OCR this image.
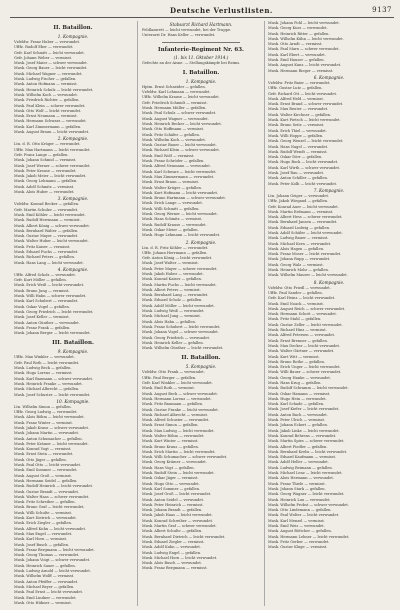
Deutsche Verlustlisten.	9137
II. Bataillon.
1. Kompagnie.
Vzfeldw. Franz Huber — verwundet.
Ufffz. Rudolf Eber — verwundet.
Gefr. Karl Schmitt — leicht verwundet.
Gefr. Johann Weber — vermisst.
Musk. Josef Maier — schwer verwundet.
Musk. Georg Bauer — leicht verwundet.
Musk. Michael Wagner — verwundet.
Musk. Ludwig Fischer — gefallen.
Musk. Anton Hofmann — vermisst.
Musk. Heinrich Schulz — leicht verwundet.
Musk. Wilhelm Koch — verwundet.
Musk. Friedrich Richter — gefallen.
Musk. Paul Klein — schwer verwundet.
Musk. Otto Wolf — leicht verwundet.
Musk. Ernst Neumann — vermisst.
Musk. Hermann Schwarz — verwundet.
Musk. Karl Zimmermann — gefallen.
Musk. August Braun — leicht verwundet.
2. Kompagnie.
Ltn. d. R. Otto Krüger — verwundet.
Ufffz. Max Hartmann — leicht verwundet.
Gefr. Franz Lange — gefallen.
Musk. Johann Schmid — vermisst.
Musk. Josef Werner — schwer verwundet.
Musk. Peter Krause — verwundet.
Musk. Jakob Meier — leicht verwundet.
Musk. Georg Lehmann — gefallen.
Musk. Adolf Schmitz — vermisst.
Musk. Alois Huber — verwundet.
3. Kompagnie.
Vzfeldw. Konrad Becker — gefallen.
Gefr. Martin Schulze — verwundet.
Musk. Emil Köhler — leicht verwundet.
Musk. Rudolf Herrmann — vermisst.
Musk. Albert König — schwer verwundet.
Musk. Bernhard Walter — gefallen.
Musk. Gustav Mayer — verwundet.
Musk. Walter Huber — leicht verwundet.
Musk. Fritz Kaiser — vermisst.
Musk. Eduard Fuchs — verwundet.
Musk. Richard Peters — gefallen.
Musk. Hans Lang — leicht verwundet.
4. Kompagnie.
Ufffz. Alfred Scholz — verwundet.
Gefr. Kurt Möller — gefallen.
Musk. Erich Weiß — leicht verwundet.
Musk. Bruno Jung — vermisst.
Musk. Willi Hahn — schwer verwundet.
Musk. Karl Schubert — verwundet.
Musk. Oskar Vogel — gefallen.
Musk. Georg Friedrich — leicht verwundet.
Musk. Josef Keller — vermisst.
Musk. Anton Günther — verwundet.
Musk. Franz Frank — gefallen.
Musk. Johann Berger — leicht verwundet.
III. Bataillon.
9. Kompagnie.
Ufffz. Max Winkler — verwundet.
Gefr. Paul Roth — leicht verwundet.
Musk. Ludwig Beck — gefallen.
Musk. Hugo Lorenz — vermisst.
Musk. Karl Baumann — schwer verwundet.
Musk. Heinrich Franke — verwundet.
Musk. Michael Albrecht — gefallen.
Musk. Josef Schuster — leicht verwundet.
10. Kompagnie.
Ltn. Wilhelm Simon — gefallen.
Ufffz. Georg Ludwig — verwundet.
Musk. Alois Böhm — leicht verwundet.
Musk. Franz Winter — vermisst.
Musk. Jakob Kraus — schwer verwundet.
Musk. Johann Martin — verwundet.
Musk. Anton Schumacher — gefallen.
Musk. Peter Krämer — leicht verwundet.
Musk. Konrad Vogt — vermisst.
Musk. Ernst Stein — verwundet.
Musk. Otto Jäger — gefallen.
Musk. Paul Otto — leicht verwundet.
Musk. Emil Sommer — verwundet.
Musk. August Groß — vermisst.
Musk. Hermann Seidel — gefallen.
Musk. Rudolf Heinrich — leicht verwundet.
Musk. Gustav Brandt — verwundet.
Musk. Walter Haas — schwer verwundet.
Musk. Fritz Schreiber — gefallen.
Musk. Bruno Graf — leicht verwundet.
Musk. Willi Schulte — vermisst.
Musk. Kurt Dietrich — verwundet.
Musk. Erich Ziegler — gefallen.
Musk. Alfred Kuhn — leicht verwundet.
Musk. Max Engel — verwundet.
Musk. Karl Horn — vermisst.
Musk. Josef Busch — gefallen.
Musk. Franz Bergmann — leicht verwundet.
Musk. Georg Thomas — verwundet.
Musk. Johann Voigt — schwer verwundet.
Musk. Heinrich Sauer — gefallen.
Musk. Ludwig Arnold — leicht verwundet.
Musk. Wilhelm Wolff — vermisst.
Musk. Anton Pfeiffer — verwundet.
Musk. Michael Beyer — gefallen.
Musk. Paul Ernst — leicht verwundet.
Musk. Emil Lindner — verwundet.
Musk. Otto Hübner — vermisst.
Stabsarzt Richard Hartmann.
Feldlazarett — leicht verwundet, bei der Truppe.
Unterarzt Dr. Hans Keller — verwundet.
Infanterie-Regiment Nr. 63.
(1. bis 11. Oktober 1914.)
Gefechte an der Aisne. — Stellungskämpfe bei Reims.
I. Bataillon.
1. Kompagnie.
Hptm. Ernst Schneider — gefallen.
Vzfeldw. Karl Lehmann — verwundet.
Ufffz. Wilhelm Krause — leicht verwundet.
Gefr. Friedrich Schmidt — vermisst.
Musk. Hermann Müller — gefallen.
Musk. Paul Schulz — schwer verwundet.
Musk. August Wagner — verwundet.
Musk. Heinrich Becker — leicht verwundet.
Musk. Otto Hoffmann — vermisst.
Musk. Fritz Schäfer — gefallen.
Musk. Wilhelm Koch — verwundet.
Musk. Gustav Bauer — leicht verwundet.
Musk. Richard Klein — schwer verwundet.
Musk. Emil Wolf — vermisst.
Musk. Franz Schröder — gefallen.
Musk. Alfred Neumann — verwundet.
Musk. Karl Schwarz — leicht verwundet.
Musk. Max Zimmermann — verwundet.
Musk. Ernst Braun — vermisst.
Musk. Walter Krüger — gefallen.
Musk. Kurt Hofmann — leicht verwundet.
Musk. Bruno Hartmann — schwer verwundet.
Musk. Erich Lange — verwundet.
Musk. Willi Schmitt — gefallen.
Musk. Georg Werner — leicht verwundet.
Musk. Hans Schmitz — vermisst.
Musk. Rudolf Krause — verwundet.
Musk. Oskar Meier — gefallen.
Musk. Hugo Lehmann — leicht verwundet.
2. Kompagnie.
Ltn. d. R. Fritz Köhler — verwundet.
Ufffz. Johann Herrmann — gefallen.
Gefr. Anton König — leicht verwundet.
Musk. Josef Walter — vermisst.
Musk. Peter Mayer — schwer verwundet.
Musk. Jakob Huber — verwundet.
Musk. Konrad Kaiser — gefallen.
Musk. Martin Fuchs — leicht verwundet.
Musk. Albert Peters — vermisst.
Musk. Bernhard Lang — verwundet.
Musk. Eduard Scholz — gefallen.
Musk. Adolf Möller — leicht verwundet.
Musk. Ludwig Weiß — verwundet.
Musk. Michael Jung — vermisst.
Musk. Alois Hahn — gefallen.
Musk. Franz Schubert — leicht verwundet.
Musk. Johann Vogel — schwer verwundet.
Musk. Georg Friedrich — verwundet.
Musk. Heinrich Keller — gefallen.
Musk. Wilhelm Günther — leicht verwundet.
II. Bataillon.
5. Kompagnie.
Vzfeldw. Otto Frank — verwundet.
Ufffz. Paul Berger — gefallen.
Gefr. Karl Winkler — leicht verwundet.
Musk. Emil Roth — vermisst.
Musk. August Beck — schwer verwundet.
Musk. Hermann Lorenz — verwundet.
Musk. Fritz Baumann — gefallen.
Musk. Gustav Franke — leicht verwundet.
Musk. Richard Albrecht — vermisst.
Musk. Alfred Schuster — verwundet.
Musk. Ernst Simon — gefallen.
Musk. Max Ludwig — leicht verwundet.
Musk. Walter Böhm — verwundet.
Musk. Kurt Winter — vermisst.
Musk. Bruno Kraus — gefallen.
Musk. Erich Martin — leicht verwundet.
Musk. Willi Schumacher — schwer verwundet.
Musk. Georg Krämer — verwundet.
Musk. Hans Vogt — gefallen.
Musk. Rudolf Stein — leicht verwundet.
Musk. Oskar Jäger — vermisst.
Musk. Hugo Otto — verwundet.
Musk. Karl Sommer — gefallen.
Musk. Josef Groß — leicht verwundet.
Musk. Anton Seidel — verwundet.
Musk. Peter Heinrich — vermisst.
Musk. Johann Brandt — gefallen.
Musk. Jakob Haas — leicht verwundet.
Musk. Konrad Schreiber — verwundet.
Musk. Martin Graf — schwer verwundet.
Musk. Albert Schulte — gefallen.
Musk. Bernhard Dietrich — leicht verwundet.
Musk. Eduard Ziegler — vermisst.
Musk. Adolf Kuhn — verwundet.
Musk. Ludwig Engel — gefallen.
Musk. Michael Horn — leicht verwundet.
Musk. Alois Busch — verwundet.
Musk. Franz Bergmann — vermisst.
Musk. Johann Pohl — leicht verwundet.
Musk. Georg Kurz — verwundet.
Musk. Heinrich Ritter — gefallen.
Musk. Wilhelm Kühn — leicht verwundet.
Musk. Otto Arndt — vermisst.
Musk. Paul Marx — schwer verwundet.
Musk. Karl Ebert — verwundet.
Musk. Emil Hauser — gefallen.
Musk. August Kunz — leicht verwundet.
Musk. Hermann Rieger — vermisst.
6. Kompagnie.
Vzfeldw. Fritz Baier — verwundet.
Ufffz. Gustav Lutz — gefallen.
Gefr. Richard Ott — leicht verwundet.
Musk. Alfred Held — vermisst.
Musk. Ernst Brand — schwer verwundet.
Musk. Max Reuter — verwundet.
Musk. Walter Kirchner — gefallen.
Musk. Kurt Pietsch — leicht verwundet.
Musk. Bruno Seitz — vermisst.
Musk. Erich Thiel — verwundet.
Musk. Willi Hoppe — gefallen.
Musk. Georg Wenzel — leicht verwundet.
Musk. Hans Nagel — verwundet.
Musk. Rudolf Wendt — vermisst.
Musk. Oskar Dörr — gefallen.
Musk. Hugo Bock — leicht verwundet.
Musk. Karl Wirth — schwer verwundet.
Musk. Josef Rau — verwundet.
Musk. Anton Schiller — gefallen.
Musk. Peter Kolb — leicht verwundet.
7. Kompagnie.
Ltn. Johann Geiger — verwundet.
Ufffz. Jakob Wiegand — gefallen.
Gefr. Konrad Auer — leicht verwundet.
Musk. Martin Erdmann — vermisst.
Musk. Albert Hess — schwer verwundet.
Musk. Bernhard Jansen — verwundet.
Musk. Eduard Ludwig — gefallen.
Musk. Adolf Schüler — leicht verwundet.
Musk. Ludwig Bauer — vermisst.
Musk. Michael Kern — verwundet.
Musk. Alois Hagen — gefallen.
Musk. Franz Moser — leicht verwundet.
Musk. Johann Rupp — verwundet.
Musk. Georg Walz — vermisst.
Musk. Heinrich Mohr — gefallen.
Musk. Wilhelm Maurer — leicht verwundet.
8. Kompagnie.
Vzfeldw. Otto Friedl — verwundet.
Ufffz. Paul Sander — gefallen.
Gefr. Karl Heinz — leicht verwundet.
Musk. Emil Noack — vermisst.
Musk. August Reich — schwer verwundet.
Musk. Hermann Schott — verwundet.
Musk. Fritz Stahl — gefallen.
Musk. Gustav Zeller — leicht verwundet.
Musk. Richard Hinz — vermisst.
Musk. Alfred Petersen — verwundet.
Musk. Ernst Brenner — gefallen.
Musk. Max Decker — leicht verwundet.
Musk. Walter Gärtner — verwundet.
Musk. Kurt Witt — vermisst.
Musk. Bruno Rothe — gefallen.
Musk. Erich Unger — leicht verwundet.
Musk. Willi Bauer — schwer verwundet.
Musk. Georg Hanke — verwundet.
Musk. Hans Krug — gefallen.
Musk. Rudolf Schramm — leicht verwundet.
Musk. Oskar Hamann — vermisst.
Musk. Hugo Hein — verwundet.
Musk. Karl Schade — gefallen.
Musk. Josef Kiefer — leicht verwundet.
Musk. Anton Bach — verwundet.
Musk. Peter Ulrich — vermisst.
Musk. Johann Eckert — gefallen.
Musk. Jakob Linke — leicht verwundet.
Musk. Konrad Behrens — verwundet.
Musk. Martin Spies — schwer verwundet.
Musk. Albert Fiedler — gefallen.
Musk. Bernhard Krebs — leicht verwundet.
Musk. Eduard Kaufmann — vermisst.
Musk. Adolf Heller — verwundet.
Musk. Ludwig Reimann — gefallen.
Musk. Michael Lenz — leicht verwundet.
Musk. Alois Hermann — verwundet.
Musk. Franz Thiele — vermisst.
Musk. Johann Stark — gefallen.
Musk. Georg Wagner — leicht verwundet.
Musk. Heinrich Lux — verwundet.
Musk. Wilhelm Probst — schwer verwundet.
Musk. Otto Lindemann — gefallen.
Musk. Paul Wolter — leicht verwundet.
Musk. Karl Menzel — vermisst.
Musk. Emil Weis — verwundet.
Musk. August Böttcher — gefallen.
Musk. Hermann Lehner — leicht verwundet.
Musk. Fritz Gerber — verwundet.
Musk. Gustav Kluge — vermisst.
